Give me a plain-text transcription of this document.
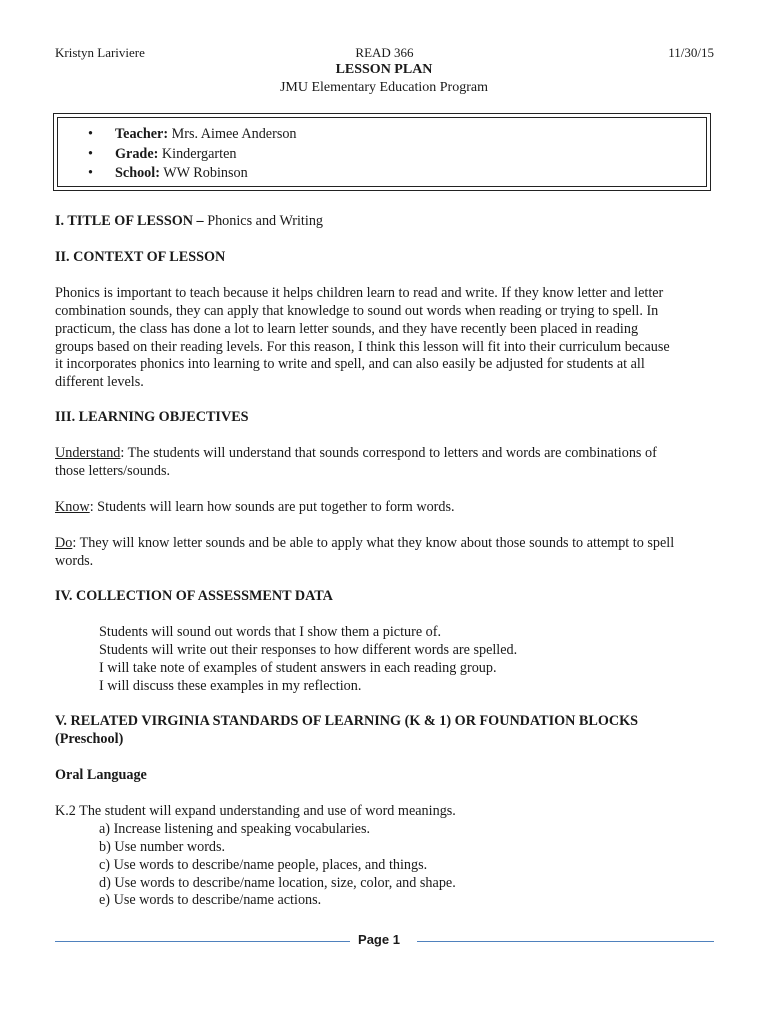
Kristyn Lariviere	READ 366	11/30/15
LESSON PLAN
JMU Elementary Education Program
• Teacher: Mrs. Aimee Anderson
• Grade: Kindergarten
• School: WW Robinson
I. TITLE OF LESSON – Phonics and Writing
II. CONTEXT OF LESSON
Phonics is important to teach because it helps children learn to read and write. If they know letter and letter
combination sounds, they can apply that knowledge to sound out words when reading or trying to spell. In
practicum, the class has done a lot to learn letter sounds, and they have recently been placed in reading
groups based on their reading levels. For this reason, I think this lesson will fit into their curriculum because
it incorporates phonics into learning to write and spell, and can also easily be adjusted for students at all
different levels.
III. LEARNING OBJECTIVES
Understand: The students will understand that sounds correspond to letters and words are combinations of
those letters/sounds.
Know: Students will learn how sounds are put together to form words.
Do: They will know letter sounds and be able to apply what they know about those sounds to attempt to spell
words.
IV. COLLECTION OF ASSESSMENT DATA
Students will sound out words that I show them a picture of.
Students will write out their responses to how different words are spelled.
I will take note of examples of student answers in each reading group.
I will discuss these examples in my reflection.
V. RELATED VIRGINIA STANDARDS OF LEARNING (K & 1) OR FOUNDATION BLOCKS
(Preschool)
Oral Language
K.2 The student will expand understanding and use of word meanings.
a) Increase listening and speaking vocabularies.
b) Use number words.
c) Use words to describe/name people, places, and things.
d) Use words to describe/name location, size, color, and shape.
e) Use words to describe/name actions.
Page 1
